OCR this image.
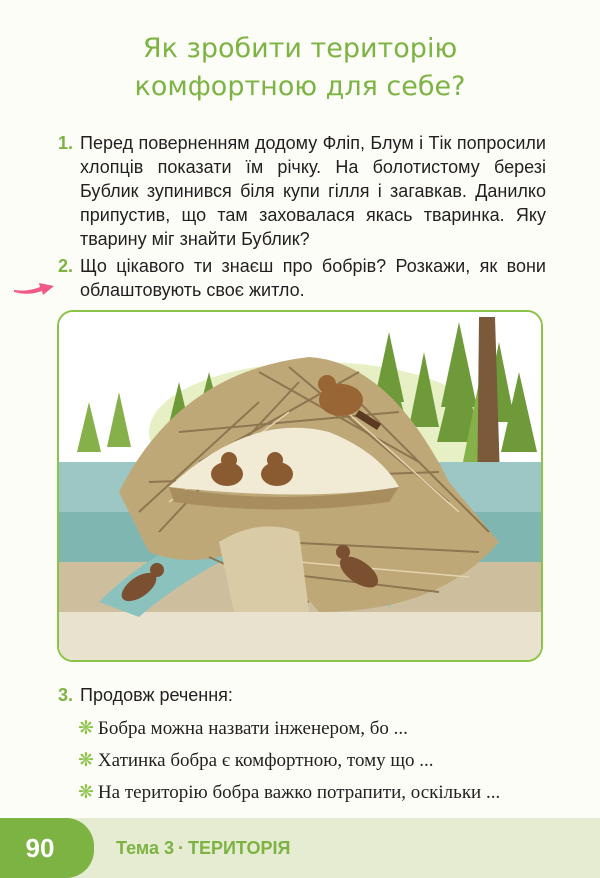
Як зробити територію
комфортною для себе?
1. Перед поверненням додому Фліп, Блум і Тік попросили хлопців показати їм річку. На болотистому березі Бублик зупинився біля купи гілля і загавкав. Данилко припустив, що там заховалася якась тваринка. Яку тварину міг знайти Бублик?
2. Що цікавого ти знаєш про бобрів? Розкажи, як вони облаштовують своє житло.
3. Продовж речення:
❋ Бобра можна назвати інженером, бо ...
❋ Хатинка бобра є комфортною, тому що ...
❋ На територію бобра важко потрапити, оскільки ...
90	Тема 3 · ТЕРИТОРІЯ
